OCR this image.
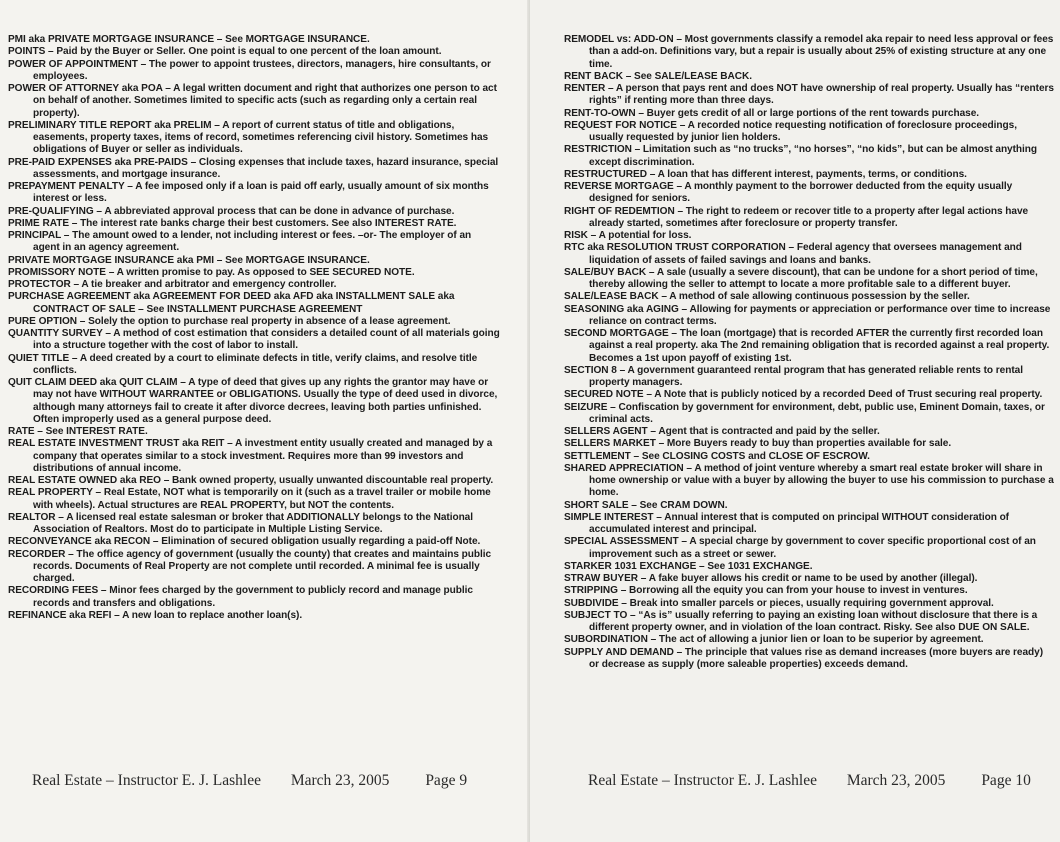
PMI aka PRIVATE MORTGAGE INSURANCE – See MORTGAGE INSURANCE.

POINTS – Paid by the Buyer or Seller. One point is equal to one percent of the loan amount.

POWER OF APPOINTMENT – The power to appoint trustees, directors, managers, hire consultants, or employees.

POWER OF ATTORNEY aka POA – A legal written document and right that authorizes one person to act on behalf of another. Sometimes limited to specific acts (such as regarding only a certain real property).

PRELIMINARY TITLE REPORT aka PRELIM – A report of current status of title and obligations, easements, property taxes, items of record, sometimes referencing civil history. Sometimes has obligations of Buyer or seller as individuals.

PRE-PAID EXPENSES aka PRE-PAIDS – Closing expenses that include taxes, hazard insurance, special assessments, and mortgage insurance.

PREPAYMENT PENALTY – A fee imposed only if a loan is paid off early, usually amount of six months interest or less.

PRE-QUALIFYING – A abbreviated approval process that can be done in advance of purchase.

PRIME RATE – The interest rate banks charge their best customers. See also INTEREST RATE.

PRINCIPAL – The amount owed to a lender, not including interest or fees. –or- The employer of an agent in an agency agreement.

PRIVATE MORTGAGE INSURANCE aka PMI – See MORTGAGE INSURANCE.

PROMISSORY NOTE – A written promise to pay. As opposed to SEE SECURED NOTE.

PROTECTOR – A tie breaker and arbitrator and emergency controller.

PURCHASE AGREEMENT aka AGREEMENT FOR DEED aka AFD aka INSTALLMENT SALE aka CONTRACT OF SALE – See INSTALLMENT PURCHASE AGREEMENT

PURE OPTION – Solely the option to purchase real property in absence of a lease agreement.

QUANTITY SURVEY – A method of cost estimation that considers a detailed count of all materials going into a structure together with the cost of labor to install.

QUIET TITLE – A deed created by a court to eliminate defects in title, verify claims, and resolve title conflicts.

QUIT CLAIM DEED aka QUIT CLAIM – A type of deed that gives up any rights the grantor may have or may not have WITHOUT WARRANTEE or OBLIGATIONS. Usually the type of deed used in divorce, although many attorneys fail to create it after divorce decrees, leaving both parties unfinished. Often improperly used as a general purpose deed.

RATE – See INTEREST RATE.

REAL ESTATE INVESTMENT TRUST aka REIT – A investment entity usually created and managed by a company that operates similar to a stock investment. Requires more than 99 investors and distributions of annual income.

REAL ESTATE OWNED aka REO – Bank owned property, usually unwanted discountable real property.

REAL PROPERTY – Real Estate, NOT what is temporarily on it (such as a travel trailer or mobile home with wheels). Actual structures are REAL PROPERTY, but NOT the contents.

REALTOR – A licensed real estate salesman or broker that ADDITIONALLY belongs to the National Association of Realtors. Most do to participate in Multiple Listing Service.

RECONVEYANCE aka RECON – Elimination of secured obligation usually regarding a paid-off Note.

RECORDER – The office agency of government (usually the county) that creates and maintains public records. Documents of Real Property are not complete until recorded. A minimal fee is usually charged.

RECORDING FEES – Minor fees charged by the government to publicly record and manage public records and transfers and obligations.

REFINANCE aka REFI – A new loan to replace another loan(s).

Real Estate – Instructor E. J. Lashlee March 23, 2005 Page 9

REMODEL vs: ADD-ON – Most governments classify a remodel aka repair to need less approval or fees than a add-on. Definitions vary, but a repair is usually about 25% of existing structure at any one time.

RENT BACK – See SALE/LEASE BACK.

RENTER – A person that pays rent and does NOT have ownership of real property. Usually has “renters rights” if renting more than three days.

RENT-TO-OWN – Buyer gets credit of all or large portions of the rent towards purchase.

REQUEST FOR NOTICE – A recorded notice requesting notification of foreclosure proceedings, usually requested by junior lien holders.

RESTRICTION – Limitation such as “no trucks”, “no horses”, “no kids”, but can be almost anything except discrimination.

RESTRUCTURED – A loan that has different interest, payments, terms, or conditions.

REVERSE MORTGAGE – A monthly payment to the borrower deducted from the equity usually designed for seniors.

RIGHT OF REDEMTION – The right to redeem or recover title to a property after legal actions have already started, sometimes after foreclosure or property transfer.

RISK – A potential for loss.

RTC aka RESOLUTION TRUST CORPORATION – Federal agency that oversees management and liquidation of assets of failed savings and loans and banks.

SALE/BUY BACK – A sale (usually a severe discount), that can be undone for a short period of time, thereby allowing the seller to attempt to locate a more profitable sale to a different buyer.

SALE/LEASE BACK – A method of sale allowing continuous possession by the seller.

SEASONING aka AGING – Allowing for payments or appreciation or performance over time to increase reliance on contract terms.

SECOND MORTGAGE – The loan (mortgage) that is recorded AFTER the currently first recorded loan against a real property. aka The 2nd remaining obligation that is recorded against a real property. Becomes a 1st upon payoff of existing 1st.

SECTION 8 – A government guaranteed rental program that has generated reliable rents to rental property managers.

SECURED NOTE – A Note that is publicly noticed by a recorded Deed of Trust securing real property.

SEIZURE – Confiscation by government for environment, debt, public use, Eminent Domain, taxes, or criminal acts.

SELLERS AGENT – Agent that is contracted and paid by the seller.

SELLERS MARKET – More Buyers ready to buy than properties available for sale.

SETTLEMENT – See CLOSING COSTS and CLOSE OF ESCROW.

SHARED APPRECIATION – A method of joint venture whereby a smart real estate broker will share in home ownership or value with a buyer by allowing the buyer to use his commission to purchase a home.

SHORT SALE – See CRAM DOWN.

SIMPLE INTEREST – Annual interest that is computed on principal WITHOUT consideration of accumulated interest and principal.

SPECIAL ASSESSMENT – A special charge by government to cover specific proportional cost of an improvement such as a street or sewer.

STARKER 1031 EXCHANGE – See 1031 EXCHANGE.

STRAW BUYER – A fake buyer allows his credit or name to be used by another (illegal).

STRIPPING – Borrowing all the equity you can from your house to invest in ventures.

SUBDIVIDE – Break into smaller parcels or pieces, usually requiring government approval.

SUBJECT TO – “As is” usually referring to paying an existing loan without disclosure that there is a different property owner, and in violation of the loan contract. Risky. See also DUE ON SALE.

SUBORDINATION – The act of allowing a junior lien or loan to be superior by agreement.

SUPPLY AND DEMAND – The principle that values rise as demand increases (more buyers are ready) or decrease as supply (more saleable properties) exceeds demand.

Real Estate – Instructor E. J. Lashlee March 23, 2005 Page 10
